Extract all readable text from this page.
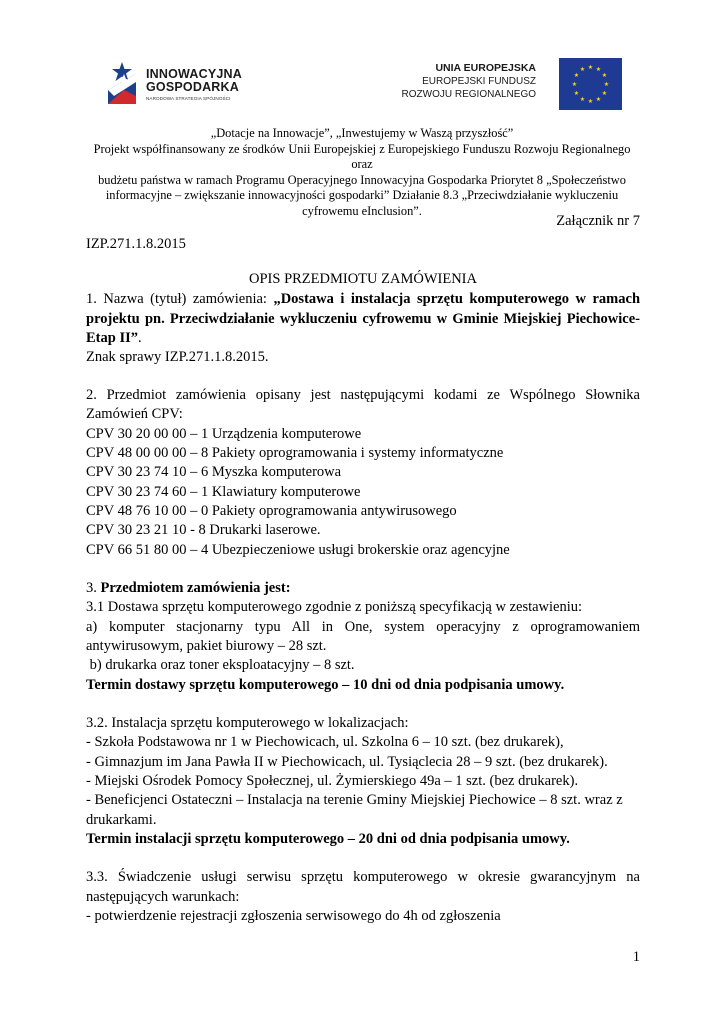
INNOWACYJNA
GOSPODARKA
NARODOWA STRATEGIA SPÓJNOŚCI
UNIA EUROPEJSKA
EUROPEJSKI FUNDUSZ
ROZWOJU REGIONALNEGO
★ ★
★
★
★
★
★
★
★
★
★
★
„Dotacje na Innowacje”, „Inwestujemy w Waszą przyszłość”
Projekt współfinansowany ze środków Unii Europejskiej z Europejskiego Funduszu Rozwoju Regionalnego oraz
budżetu państwa w ramach Programu Operacyjnego Innowacyjna Gospodarka Priorytet 8 „Społeczeństwo
informacyjne – zwiększanie innowacyjności gospodarki” Działanie 8.3 „Przeciwdziałanie wykluczeniu
cyfrowemu eInclusion”.
Załącznik nr 7
IZP.271.1.8.2015
OPIS PRZEDMIOTU ZAMÓWIENIA
1. Nazwa (tytuł) zamówienia: „Dostawa i instalacja sprzętu komputerowego w ramach
projektu pn. Przeciwdziałanie wykluczeniu cyfrowemu w Gminie Miejskiej Piechowice-
Etap II”.
Znak sprawy IZP.271.1.8.2015.
2. Przedmiot zamówienia opisany jest następującymi kodami ze Wspólnego Słownika
Zamówień CPV:
CPV 30 20 00 00 – 1 Urządzenia komputerowe
CPV 48 00 00 00 – 8 Pakiety oprogramowania i systemy informatyczne
CPV 30 23 74 10 – 6 Myszka komputerowa
CPV 30 23 74 60 – 1 Klawiatury komputerowe
CPV 48 76 10 00 – 0 Pakiety oprogramowania antywirusowego
CPV 30 23 21 10 - 8 Drukarki laserowe.
CPV 66 51 80 00 – 4 Ubezpieczeniowe usługi brokerskie oraz agencyjne
3. Przedmiotem zamówienia jest:
3.1 Dostawa sprzętu komputerowego zgodnie z poniższą specyfikacją w zestawieniu:
a) komputer stacjonarny typu All in One, system operacyjny z oprogramowaniem
antywirusowym, pakiet biurowy – 28 szt.
b) drukarka oraz toner eksploatacyjny – 8 szt.
Termin dostawy sprzętu komputerowego – 10 dni od dnia podpisania umowy.
3.2. Instalacja sprzętu komputerowego w lokalizacjach:
- Szkoła Podstawowa nr 1 w Piechowicach, ul. Szkolna 6 – 10 szt. (bez drukarek),
- Gimnazjum im Jana Pawła II w Piechowicach, ul. Tysiąclecia 28 – 9 szt. (bez drukarek).
- Miejski Ośrodek Pomocy Społecznej, ul. Żymierskiego 49a – 1 szt. (bez drukarek).
- Beneficjenci Ostateczni – Instalacja na terenie Gminy Miejskiej Piechowice – 8 szt. wraz z
drukarkami.
Termin instalacji sprzętu komputerowego – 20 dni od dnia podpisania umowy.
3.3. Świadczenie usługi serwisu sprzętu komputerowego w okresie gwarancyjnym na
następujących warunkach:
- potwierdzenie rejestracji zgłoszenia serwisowego do 4h od zgłoszenia
1
